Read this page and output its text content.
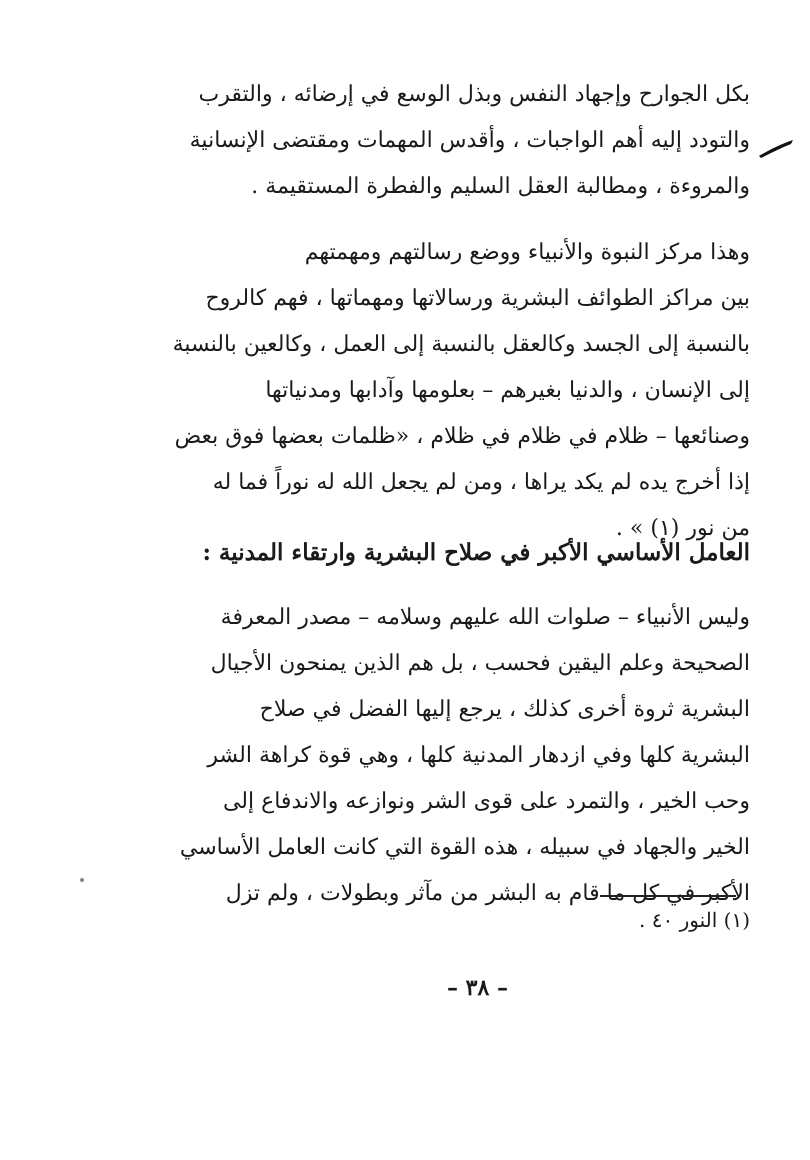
بكل الجوارح وإجهاد النفس وبذل الوسع في إرضائه ، والتقرب
والتودد إليه أهم الواجبات ، وأقدس المهمات ومقتضى الإنسانية
والمروءة ، ومطالبة العقل السليم والفطرة المستقيمة .
وهذا مركز النبوة والأنبياء ووضع رسالتهم ومهمتهم
بين مراكز الطوائف البشرية ورسالاتها ومهماتها ، فهم كالروح
بالنسبة إلى الجسد وكالعقل بالنسبة إلى العمل ، وكالعين بالنسبة
إلى الإنسان ، والدنيا بغيرهم – بعلومها وآدابها ومدنياتها
وصنائعها – ظلام في ظلام في ظلام ، «ظلمات بعضها فوق بعض
إذا أخرج يده لم يكد يراها ، ومن لم يجعل الله له نوراً فما له
من نور (١) » .
العامل الأساسي الأكبر في صلاح البشرية وارتقاء المدنية :
وليس الأنبياء – صلوات الله عليهم وسلامه – مصدر المعرفة
الصحيحة وعلم اليقين فحسب ، بل هم الذين يمنحون الأجيال
البشرية ثروة أخرى كذلك ، يرجع إليها الفضل في صلاح
البشرية كلها وفي ازدهار المدنية كلها ، وهي قوة كراهة الشر
وحب الخير ، والتمرد على قوى الشر ونوازعه والاندفاع إلى
الخير والجهاد في سبيله ، هذه القوة التي كانت العامل الأساسي
الأكبر في كل ما قام به البشر من مآثر وبطولات ، ولم تزل
(١) النور ٤٠ .
– ٣٨ –
